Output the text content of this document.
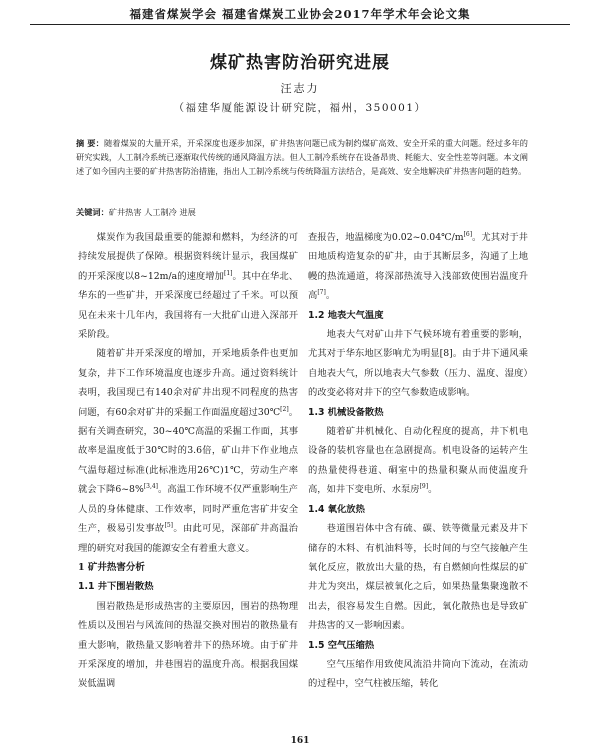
福建省煤炭学会 福建省煤炭工业协会2017年学术年会论文集
煤矿热害防治研究进展
汪志力
（福建华厦能源设计研究院，福州，350001）
摘 要：随着煤炭的大量开采，开采深度也逐步加深，矿井热害问题已成为制约煤矿高效、安全开采的重大问题。经过多年的研究实践，人工制冷系统已逐渐取代传统的通风降温方法。但人工制冷系统存在设备昂贵、耗能大、安全性差等问题。本文阐述了如今国内主要的矿井热害防治措施，指出人工制冷系统与传统降温方法结合，是高效、安全地解决矿井热害问题的趋势。
关键词：矿井热害 人工制冷 进展

煤炭作为我国最重要的能源和燃料，为经济的可持续发展提供了保障。根据资料统计显示，我国煤矿的开采深度以8~12m/a的速度增加[1]。其中在华北、华东的一些矿井，开采深度已经超过了千米。可以预见在未来十几年内，我国将有一大批矿山进入深部开采阶段。

随着矿井开采深度的增加，开采地质条件也更加复杂，井下工作环境温度也逐步升高。通过资料统计表明，我国现已有140余对矿井出现不同程度的热害问题，有60余对矿井的采掘工作面温度超过30℃[2]。据有关调查研究，30~40℃高温的采掘工作面，其事故率是温度低于30℃时的3.6倍，矿山井下作业地点气温每超过标准(此标准选用26℃)1℃，劳动生产率就会下降6~8%[3,4]。高温工作环境不仅严重影响生产人员的身体健康、工作效率，同时严重危害矿井安全生产，极易引发事故[5]。由此可见，深部矿井高温治理的研究对我国的能源安全有着重大意义。

1 矿井热害分析
1.1 井下围岩散热

围岩散热是形成热害的主要原因，围岩的热物理性质以及围岩与风流间的热湿交换对围岩的散热量有重大影响，散热量又影响着井下的热环境。由于矿井开采深度的增加，井巷围岩的温度升高。根据我国煤炭低温调

查报告，地温梯度为0.02~0.04℃/m[6]。尤其对于井田地质构造复杂的矿井，由于其断层多，沟通了上地幔的热流通道，将深部热流导入浅部致使围岩温度升高[7]。

1.2 地表大气温度

地表大气对矿山井下气候环境有着重要的影响，尤其对于华东地区影响尤为明显[8]。由于井下通风乘自地表大气，所以地表大气参数（压力、温度、湿度）的改变必将对井下的空气参数造成影响。

1.3 机械设备散热

随着矿井机械化、自动化程度的提高，井下机电设备的装机容量也在急剧提高。机电设备的运转产生的热量使得巷道、硐室中的热量积聚从而使温度升高，如井下变电所、水泵房[9]。

1.4 氧化放热

巷道围岩体中含有硫、碳、铁等微量元素及井下储存的木料、有机油料等，长时间的与空气接触产生氧化反应，散放出大量的热，有自燃倾向性煤层的矿井尤为突出，煤层被氧化之后，如果热量集聚逸散不出去，很容易发生自燃。因此，氧化散热也是导致矿井热害的又一影响因素。

1.5 空气压缩热

空气压缩作用致使风流沿井筒向下流动，在流动的过程中，空气柱被压缩，转化

161
